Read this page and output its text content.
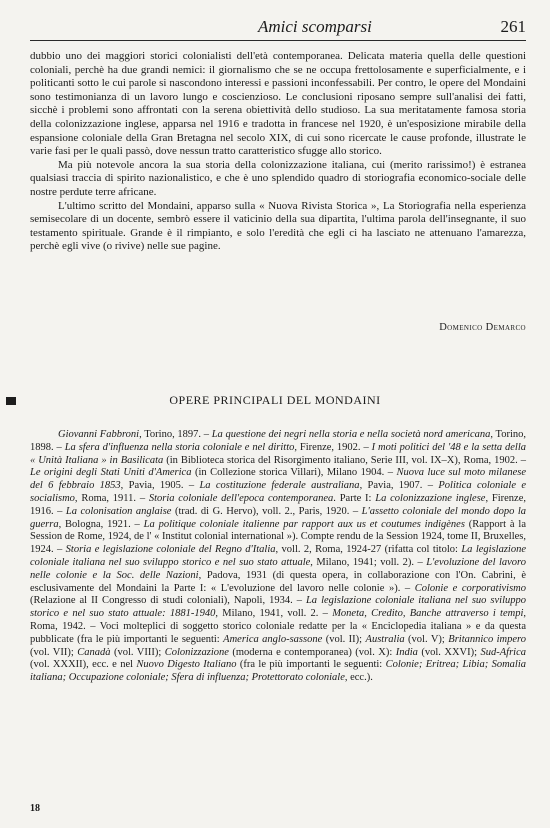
Amici scomparsi	261

dubbio uno dei maggiori storici colonialisti dell'età contemporanea. Delicata materia quella delle questioni coloniali, perchè ha due grandi nemici: il giornalismo che se ne occupa frettolosamente e superficialmente, e i politicanti sotto le cui parole si nascondono interessi e passioni inconfessabili. Per contro, le opere del Mondaini sono testimonianza di un lavoro lungo e coscienzioso. Le conclusioni riposano sempre sull'analisi dei fatti, sicchè i problemi sono affrontati con la serena obiettività dello studioso. La sua meritatamente famosa storia della colonizzazione inglese, apparsa nel 1916 e tradotta in francese nel 1920, è un'esposizione mirabile della espansione coloniale della Gran Bretagna nel secolo XIX, di cui sono ricercate le cause profonde, illustrate le varie fasi per le quali passò, dove nessun tratto caratteristico sfugge allo storico.

Ma più notevole ancora la sua storia della colonizzazione italiana, cui (merito rarissimo!) è estranea qualsiasi traccia di spirito nazionalistico, e che è uno splendido quadro di storiografia economico-sociale delle nostre perdute terre africane.

L'ultimo scritto del Mondaini, apparso sulla « Nuova Rivista Storica », La Storiografia nella esperienza semisecolare di un docente, sembrò essere il vaticinio della sua dipartita, l'ultima parola dell'insegnante, il suo testamento spirituale. Grande è il rimpianto, e solo l'eredità che egli ci ha lasciato ne attenuano l'amarezza, perchè egli vive (o rivive) nelle sue pagine.

Domenico Demarco
OPERE PRINCIPALI DEL MONDAINI
Giovanni Fabbroni, Torino, 1897. – La questione dei negri nella storia e nella società nord americana, Torino, 1898. – La sfera d'influenza nella storia coloniale e nel diritto, Firenze, 1902. – I moti politici del '48 e la setta della « Unità Italiana » in Basilicata (in Biblioteca storica del Risorgimento italiano, Serie III, vol. IX–X), Roma, 1902. – Le origini degli Stati Uniti d'America (in Collezione storica Villari), Milano 1904. – Nuova luce sul moto milanese del 6 febbraio 1853, Pavia, 1905. – La costituzione federale australiana, Pavia, 1907. – Politica coloniale e socialismo, Roma, 1911. – Storia coloniale dell'epoca contemporanea. Parte I: La colonizzazione inglese, Firenze, 1916. – La colonisation anglaise (trad. di G. Hervo), voll. 2., Paris, 1920. – L'assetto coloniale del mondo dopo la guerra, Bologna, 1921. – La politique coloniale italienne par rapport aux us et coutumes indigènes (Rapport à la Session de Rome, 1924, de l' « Institut colonial international »). Compte rendu de la Session 1924, tome II, Bruxelles, 1924. – Storia e legislazione coloniale del Regno d'Italia, voll. 2, Roma, 1924-27 (rifatta col titolo: La legislazione coloniale italiana nel suo sviluppo storico e nel suo stato attuale, Milano, 1941; voll. 2). – L'evoluzione del lavoro nelle colonie e la Soc. delle Nazioni, Padova, 1931 (di questa opera, in collaborazione con l'On. Cabrini, è esclusivamente del Mondaini la Parte I: « L'evoluzione del lavoro nelle colonie »). – Colonie e corporativismo (Relazione al II Congresso di studi coloniali), Napoli, 1934. – La legislazione coloniale italiana nel suo sviluppo storico e nel suo stato attuale: 1881-1940, Milano, 1941, voll. 2. – Moneta, Credito, Banche attraverso i tempi, Roma, 1942. – Voci molteplici di soggetto storico coloniale redatte per la « Enciclopedia italiana » e da questa pubblicate (fra le più importanti le seguenti: America anglo-sassone (vol. II); Australia (vol. V); Britannico impero (vol. VII); Canadà (vol. VIII); Colonizzazione (moderna e contemporanea) (vol. X): India (vol. XXVI); Sud-Africa (vol. XXXII), ecc. e nel Nuovo Digesto Italiano (fra le più importanti le seguenti: Colonie; Eritrea; Libia; Somalia italiana; Occupazione coloniale; Sfera di influenza; Protettorato coloniale, ecc.).
18
